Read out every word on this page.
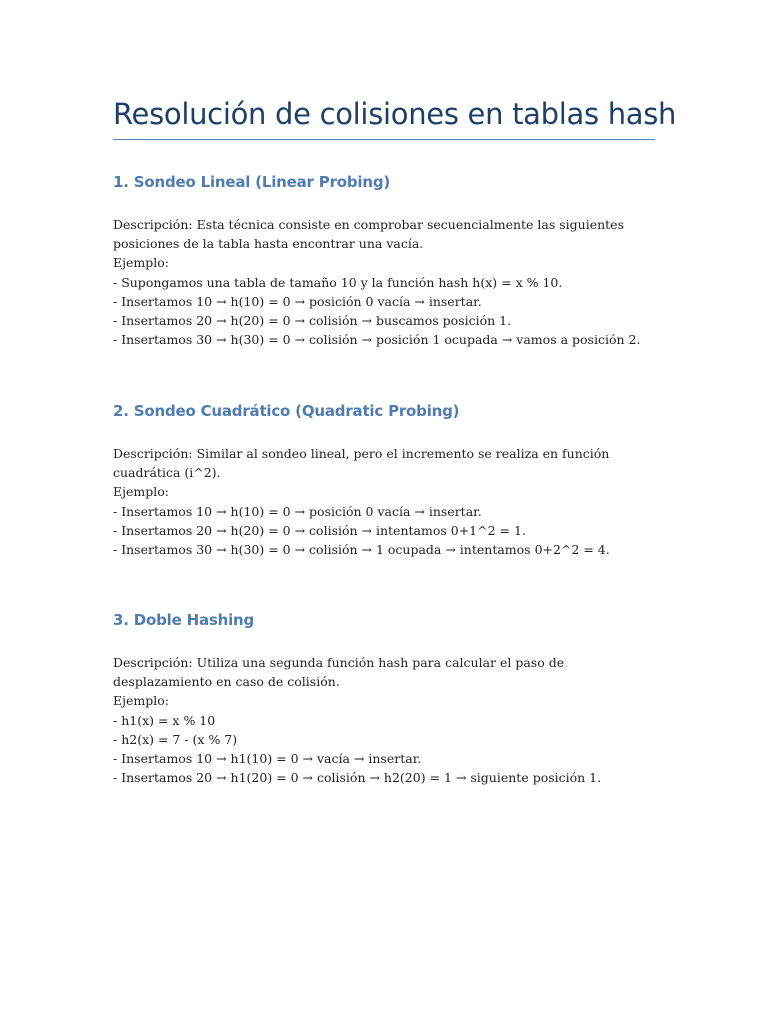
Resolución de colisiones en tablas hash
1. Sondeo Lineal (Linear Probing)
Descripción: Esta técnica consiste en comprobar secuencialmente las siguientes posiciones de la tabla hasta encontrar una vacía.
Ejemplo:
- Supongamos una tabla de tamaño 10 y la función hash h(x) = x % 10.
- Insertamos 10 → h(10) = 0 → posición 0 vacía → insertar.
- Insertamos 20 → h(20) = 0 → colisión → buscamos posición 1.
- Insertamos 30 → h(30) = 0 → colisión → posición 1 ocupada → vamos a posición 2.
2. Sondeo Cuadrático (Quadratic Probing)
Descripción: Similar al sondeo lineal, pero el incremento se realiza en función cuadrática (i^2).
Ejemplo:
- Insertamos 10 → h(10) = 0 → posición 0 vacía → insertar.
- Insertamos 20 → h(20) = 0 → colisión → intentamos 0+1^2 = 1.
- Insertamos 30 → h(30) = 0 → colisión → 1 ocupada → intentamos 0+2^2 = 4.
3. Doble Hashing
Descripción: Utiliza una segunda función hash para calcular el paso de desplazamiento en caso de colisión.
Ejemplo:
- h1(x) = x % 10
- h2(x) = 7 - (x % 7)
- Insertamos 10 → h1(10) = 0 → vacía → insertar.
- Insertamos 20 → h1(20) = 0 → colisión → h2(20) = 1 → siguiente posición 1.
